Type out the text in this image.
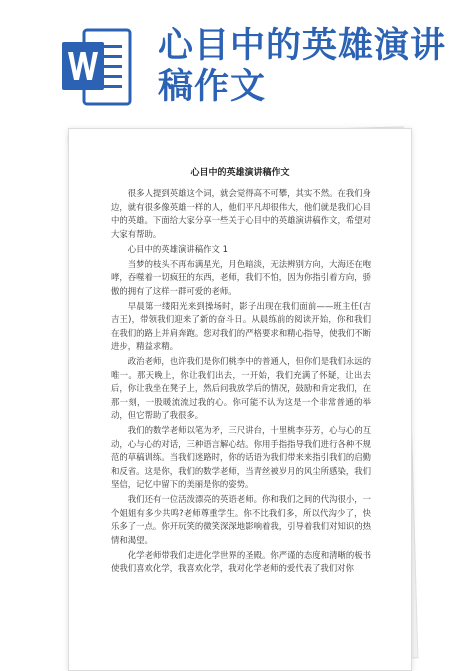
心目中的英雄演讲
稿作文
心目中的英雄演讲稿作文

很多人提到英雄这个词，就会觉得高不可攀，其实不然。在我们身边，就有很多像英雄一样的人，他们平凡却很伟大，他们就是我们心目中的英雄。下面给大家分享一些关于心目中的英雄演讲稿作文，希望对大家有帮助。

心目中的英雄演讲稿作文 1

当梦的枝头不再布满星光，月色暗淡，无法辨别方向，大海还在咆哮，吞噬着一切疯狂的东西，老师，我们不怕，因为你指引着方向，骄傲的拥有了这样一群可爱的老师。

早晨第一缕阳光来到操场时，影子出现在我们面前——班主任(吉吉王)，带领我们迎来了新的奋斗日。从晨练前的阅读开始，你和我们在我们的路上并肩奔跑。您对我们的严格要求和精心指导，使我们不断进步，精益求精。

政治老师，也许我们是你们桃李中的普通人，但你们是我们永远的唯一。那天晚上，你让我们出去，一开始，我们充满了怀疑，让出去后，你让我坐在凳子上，然后问我放学后的情况，鼓励和肯定我们，在那一刻，一股暖流流过我的心。你可能不认为这是一个非常普通的举动，但它帮助了我很多。

我们的数学老师以笔为矛，三尺讲台，十里桃李芬芳，心与心的互动，心与心的对话，三种语言解心结。你用手指指导我们进行各种不规范的草稿训练。当我们迷路时，你的话语为我们带来来指引我们的启勤和反省。这是你，我们的数学老师，当青丝被岁月的风尘所感染，我们坚信，记忆中留下的美丽是你的姿势。

我们还有一位活泼漂亮的英语老师。你和我们之间的代沟很小，一个姐姐有多少共鸣?老师尊重学生。你不比我们多，所以代沟少了，快乐多了一点。你开玩笑的微笑深深地影响着我，引导着我们对知识的热情和渴望。

化学老师带我们走进化学世界的圣殿。你严谨的态度和清晰的板书使我们喜欢化学，我喜欢化学，我对化学老师的爱代表了我们对你
